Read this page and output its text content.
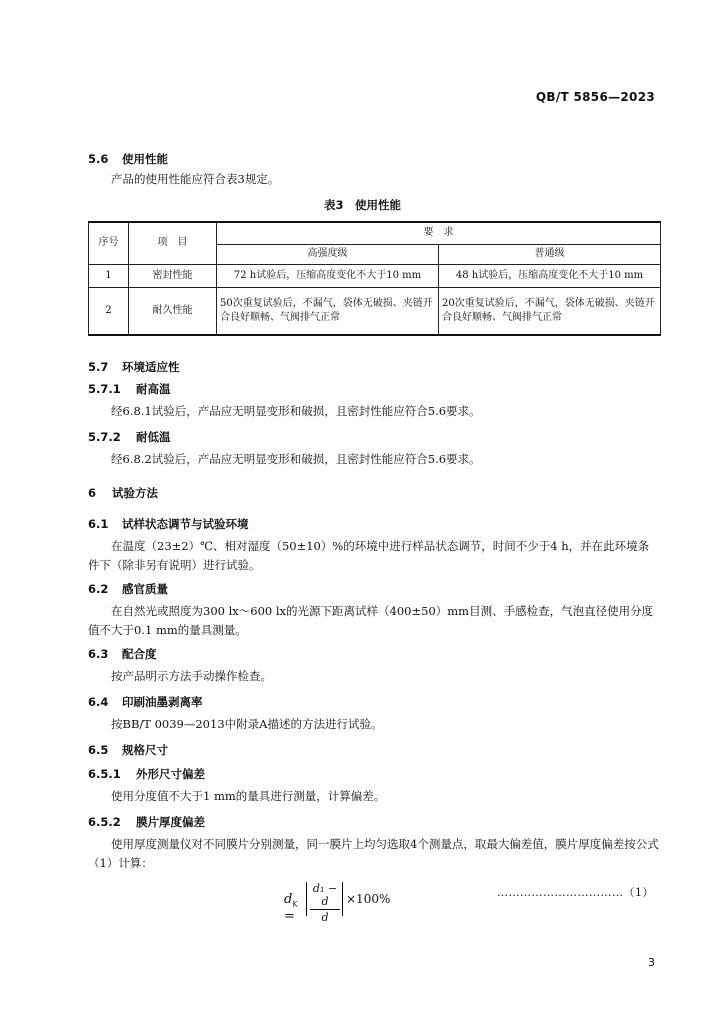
QB/T 5856—2023
5.6 使用性能
产品的使用性能应符合表3规定。
表3　使用性能
序号	项　目	要　求	
		高强度级	普通级
1	密封性能	72 h试验后，压缩高度变化不大于10 mm	48 h试验后，压缩高度变化不大于10 mm
2	耐久性能	50次重复试验后，不漏气，袋体无破损、夹链开合良好顺畅、气阀排气正常	20次重复试验后，不漏气，袋体无破损、夹链开合良好顺畅、气阀排气正常
5.7 环境适应性
5.7.1 耐高温
经6.8.1试验后，产品应无明显变形和破损，且密封性能应符合5.6要求。
5.7.2 耐低温
经6.8.2试验后，产品应无明显变形和破损，且密封性能应符合5.6要求。
6 试验方法
6.1 试样状态调节与试验环境
在温度（23±2）℃、相对湿度（50±10）%的环境中进行样品状态调节，时间不少于4 h，并在此环境条件下（除非另有说明）进行试验。
6.2 感官质量
在自然光或照度为300 lx～600 lx的光源下距离试样（400±50）mm目测、手感检查，气泡直径使用分度值不大于0.1 mm的量具测量。
6.3 配合度
按产品明示方法手动操作检查。
6.4 印刷油墨剥离率
按BB/T 0039—2013中附录A描述的方法进行试验。
6.5 规格尺寸
6.5.1 外形尺寸偏差
使用分度值不大于1 mm的量具进行测量，计算偏差。
6.5.2 膜片厚度偏差
使用厚度测量仪对不同膜片分别测量，同一膜片上均匀选取4个测量点，取最大偏差值，膜片厚度偏差按公式（1）计算：
$d_K$ =
d₁ − d
d
×100%	……………………………（1）
3
